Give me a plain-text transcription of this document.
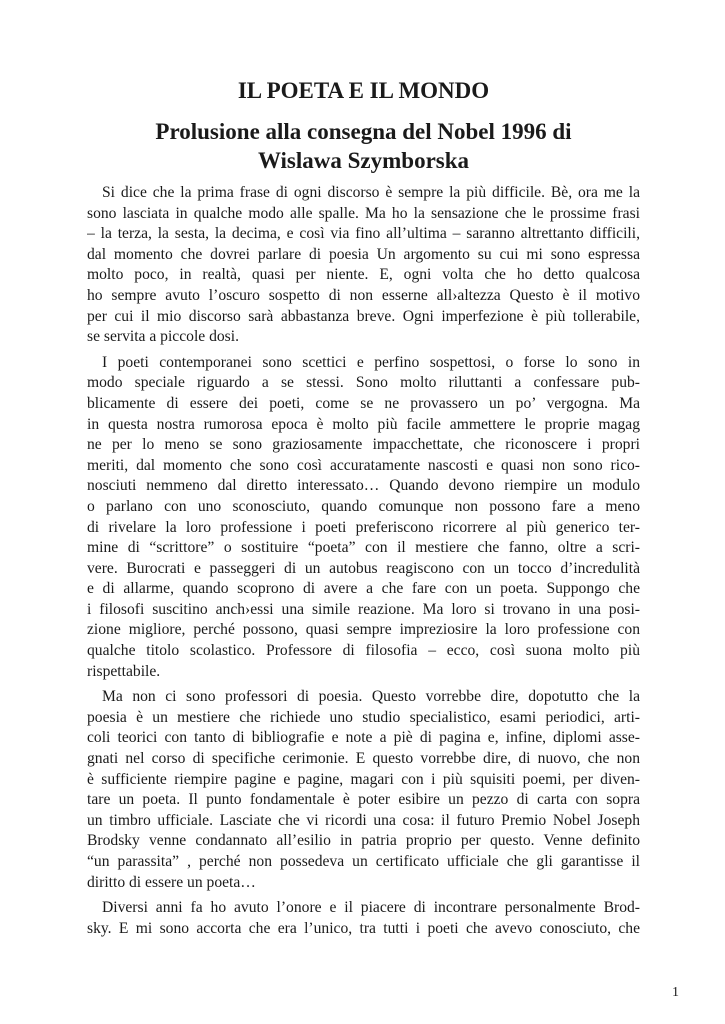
IL POETA E IL MONDO
Prolusione alla consegna del Nobel 1996 di
Wislawa Szymborska

Si dice che la prima frase di ogni discorso è sempre la più difficile. Bè, ora me la
sono lasciata in qualche modo alle spalle. Ma ho la sensazione che le prossime frasi
– la terza, la sesta, la decima, e così via fino all’ultima – saranno altrettanto difficili,
dal momento che dovrei parlare di poesia Un argomento su cui mi sono espressa
molto poco, in realtà, quasi per niente. E, ogni volta che ho detto qualcosa
ho sempre avuto l’oscuro sospetto di non esserne all›altezza Questo è il motivo
per cui il mio discorso sarà abbastanza breve. Ogni imperfezione è più tollerabile,
se servita a piccole dosi.

I poeti contemporanei sono scettici e perfino sospettosi, o forse lo sono in
modo speciale riguardo a se stessi. Sono molto riluttanti a confessare pub-
blicamente di essere dei poeti, come se ne provassero un po’ vergogna. Ma
in questa nostra rumorosa epoca è molto più facile ammettere le proprie magag
ne per lo meno se sono graziosamente impacchettate, che riconoscere i propri
meriti, dal momento che sono così accuratamente nascosti e quasi non sono rico-
nosciuti nemmeno dal diretto interessato… Quando devono riempire un modulo
o parlano con uno sconosciuto, quando comunque non possono fare a meno
di rivelare la loro professione i poeti preferiscono ricorrere al più generico ter-
mine di “scrittore” o sostituire “poeta” con il mestiere che fanno, oltre a scri-
vere. Burocrati e passeggeri di un autobus reagiscono con un tocco d’incredulità
e di allarme, quando scoprono di avere a che fare con un poeta. Suppongo che
i filosofi suscitino anch›essi una simile reazione. Ma loro si trovano in una posi-
zione migliore, perché possono, quasi sempre impreziosire la loro professione con
qualche titolo scolastico. Professore di filosofia – ecco, così suona molto più
rispettabile.

Ma non ci sono professori di poesia. Questo vorrebbe dire, dopotutto che la
poesia è un mestiere che richiede uno studio specialistico, esami periodici, arti-
coli teorici con tanto di bibliografie e note a piè di pagina e, infine, diplomi asse-
gnati nel corso di specifiche cerimonie. E questo vorrebbe dire, di nuovo, che non
è sufficiente riempire pagine e pagine, magari con i più squisiti poemi, per diven-
tare un poeta. Il punto fondamentale è poter esibire un pezzo di carta con sopra
un timbro ufficiale. Lasciate che vi ricordi una cosa: il futuro Premio Nobel Joseph
Brodsky venne condannato all’esilio in patria proprio per questo. Venne definito
“un parassita” , perché non possedeva un certificato ufficiale che gli garantisse il
diritto di essere un poeta…

Diversi anni fa ho avuto l’onore e il piacere di incontrare personalmente Brod-
sky. E mi sono accorta che era l’unico, tra tutti i poeti che avevo conosciuto, che

1
